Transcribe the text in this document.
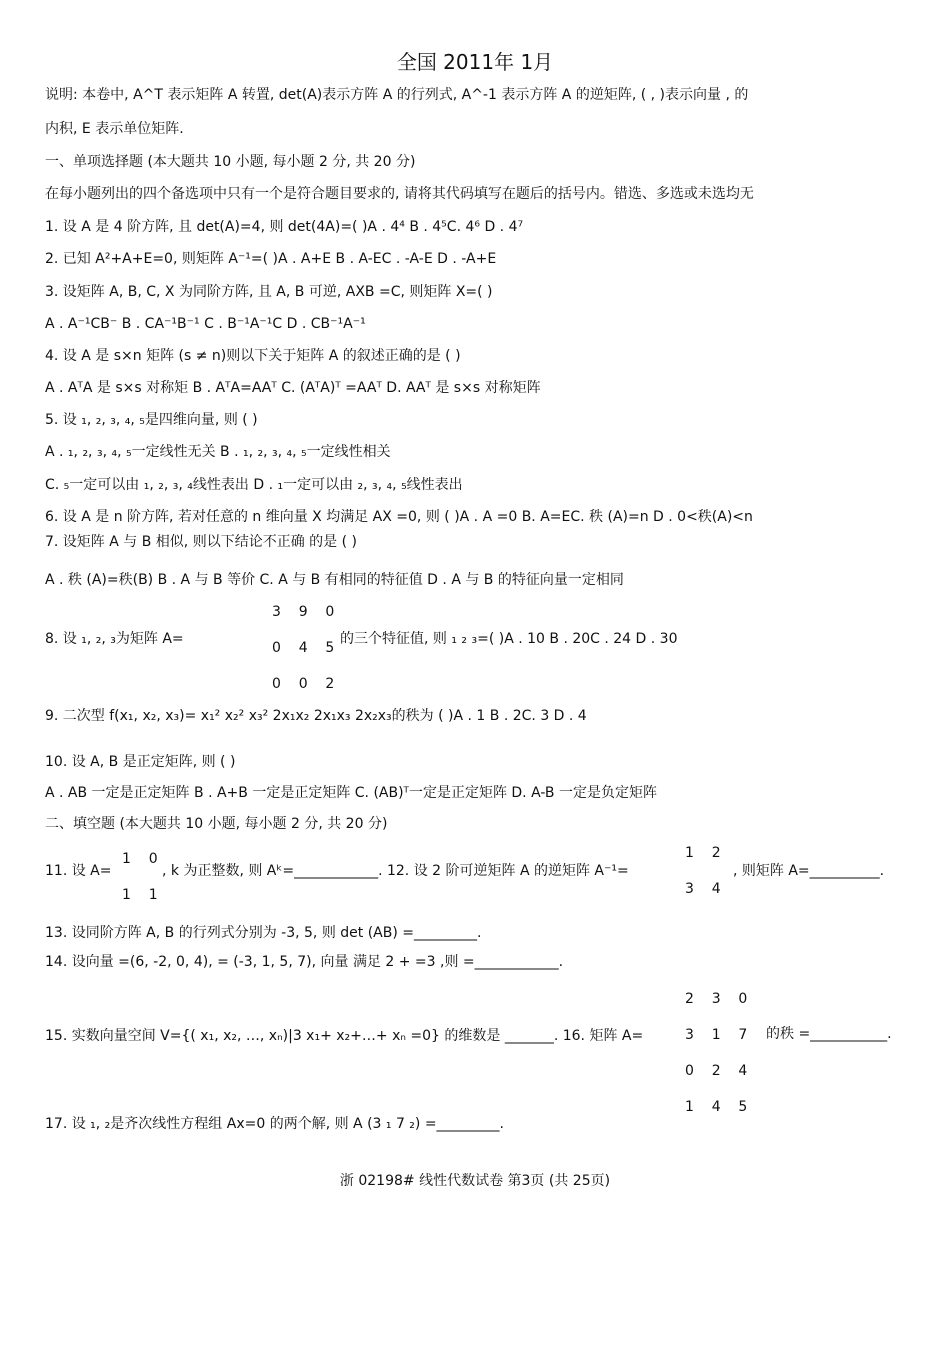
全国 2011年 1月
说明: 本卷中, A^T 表示矩阵 A 转置, det(A)表示方阵 A 的行列式, A^-1 表示方阵 A 的逆矩阵, ( , )表示向量 , 的
内积, E 表示单位矩阵.
一、单项选择题 (本大题共 10 小题, 每小题 2 分, 共 20 分)
在每小题列出的四个备选项中只有一个是符合题目要求的, 请将其代码填写在题后的括号内。错选、多选或未选均无
1. 设 A 是 4 阶方阵, 且 det(A)=4, 则 det(4A)=( )A . 4⁴ B . 4⁵C. 4⁶ D . 4⁷
2. 已知 A²+A+E=0, 则矩阵 A⁻¹=( )A . A+E B . A-EC . -A-E D . -A+E
3. 设矩阵 A, B, C, X 为同阶方阵, 且 A, B 可逆, AXB =C, 则矩阵 X=( )
A . A⁻¹CB⁻ B . CA⁻¹B⁻¹ C . B⁻¹A⁻¹C D . CB⁻¹A⁻¹
4. 设 A 是 s×n 矩阵 (s ≠ n)则以下关于矩阵 A 的叙述正确的是 ( )
A . AᵀA 是 s×s 对称矩 B . AᵀA=AAᵀ C. (AᵀA)ᵀ =AAᵀ D. AAᵀ 是 s×s 对称矩阵
5. 设 ₁, ₂, ₃, ₄, ₅是四维向量, 则 ( )
A . ₁, ₂, ₃, ₄, ₅一定线性无关 B . ₁, ₂, ₃, ₄, ₅一定线性相关
C. ₅一定可以由 ₁, ₂, ₃, ₄线性表出 D . ₁一定可以由 ₂, ₃, ₄, ₅线性表出
6. 设 A 是 n 阶方阵, 若对任意的 n 维向量 X 均满足 AX =0, 则 ( )A . A =0 B. A=EC. 秩 (A)=n D . 0<秩(A)<n
7. 设矩阵 A 与 B 相似, 则以下结论不正确 的是 ( )
A . 秩 (A)=秩(B) B . A 与 B 等价 C. A 与 B 有相同的特征值 D . A 与 B 的特征向量一定相同
8. 设 ₁, ₂, ₃为矩阵 A=
3    9    0

0    4    5

0    0    2
的三个特征值, 则 ₁ ₂ ₃=( )A . 10 B . 20C . 24 D . 30
9. 二次型 f(x₁, x₂, x₃)= x₁² x₂² x₃² 2x₁x₂ 2x₁x₃ 2x₂x₃的秩为 ( )A . 1 B . 2C. 3 D . 4
10. 设 A, B 是正定矩阵, 则 ( )
A . AB 一定是正定矩阵 B . A+B 一定是正定矩阵 C. (AB)ᵀ一定是正定矩阵 D. A-B 一定是负定矩阵
二、填空题 (本大题共 10 小题, 每小题 2 分, 共 20 分)
11. 设 A=
1    0

1    1
, k 为正整数, 则 Aᵏ=____________. 12. 设 2 阶可逆矩阵 A 的逆矩阵 A⁻¹=
1    2

3    4
, 则矩阵 A=__________.
13. 设同阶方阵 A, B 的行列式分别为 -3, 5, 则 det (AB) =_________.
14. 设向量 =(6, -2, 0, 4), = (-3, 1, 5, 7), 向量 满足 2 + =3 ,则 =____________.
15. 实数向量空间 V={( x₁, x₂, …, xₙ)|3 x₁+ x₂+…+ xₙ =0} 的维数是 _______. 16. 矩阵 A=
2    3    0

3    1    7

0    2    4

1    4    5
的秩 =___________.
17. 设 ₁, ₂是齐次线性方程组 Ax=0 的两个解, 则 A (3 ₁ 7 ₂) =_________.
浙 02198# 线性代数试卷 第3页 (共 25页)
